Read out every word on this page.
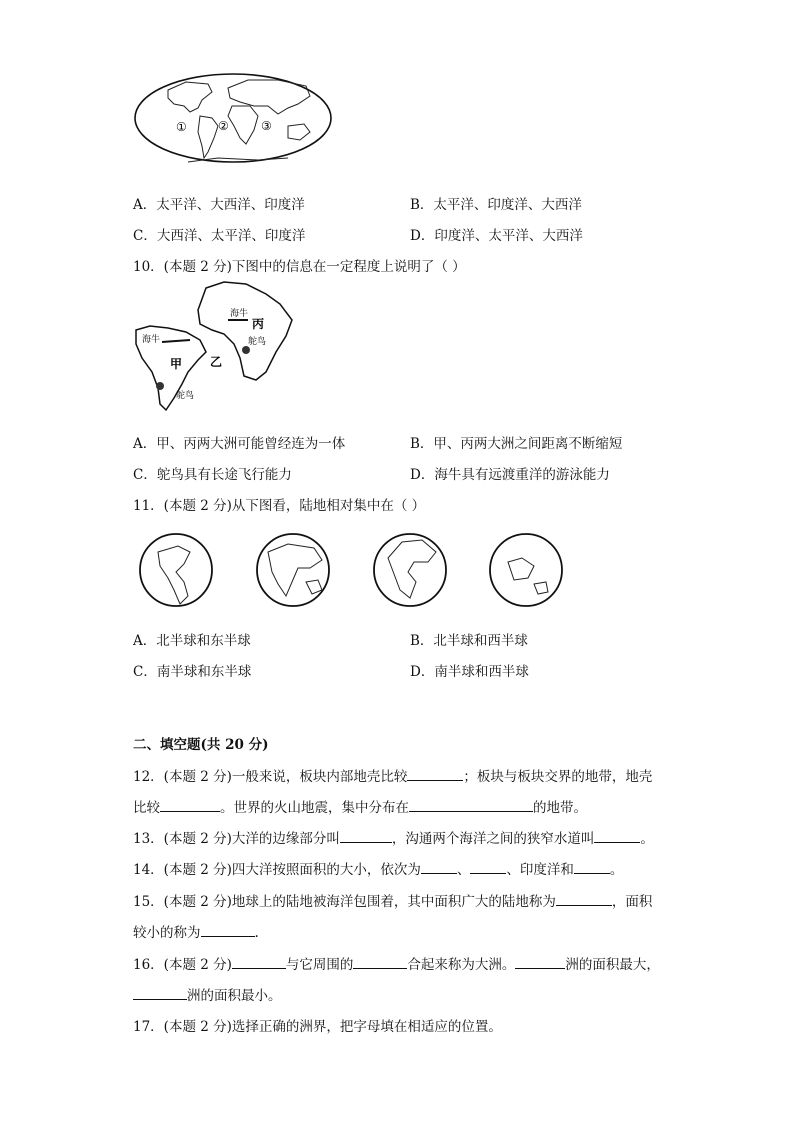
①	②	③
A．太平洋、大西洋、印度洋	B．太平洋、印度洋、大西洋
C．大西洋、太平洋、印度洋	D．印度洋、太平洋、大西洋
10．(本题 2 分)下图中的信息在一定程度上说明了（ ）
海牛
海牛
丙
鸵鸟
甲 乙
鸵鸟
A．甲、丙两大洲可能曾经连为一体	B．甲、丙两大洲之间距离不断缩短
C．鸵鸟具有长途飞行能力	D．海牛具有远渡重洋的游泳能力
11．(本题 2 分)从下图看，陆地相对集中在（ ）
A．北半球和东半球	B．北半球和西半球
C．南半球和东半球	D．南半球和西半球
二、填空题(共 20 分)
12．(本题 2 分)一般来说，板块内部地壳比较	；板块与板块交界的地带，地壳
比较	。世界的火山地震，集中分布在	的地带。
13．(本题 2 分)大洋的边缘部分叫	，沟通两个海洋之间的狭窄水道叫	。
14．(本题 2 分)四大洋按照面积的大小，依次为	、	、印度洋和	。
15．(本题 2 分)地球上的陆地被海洋包围着，其中面积广大的陆地称为	，面积
较小的称为	.
16．(本题 2 分)	与它周围的	合起来称为大洲。	洲的面积最大，
洲的面积最小。
17．(本题 2 分)选择正确的洲界，把字母填在相适应的位置。
